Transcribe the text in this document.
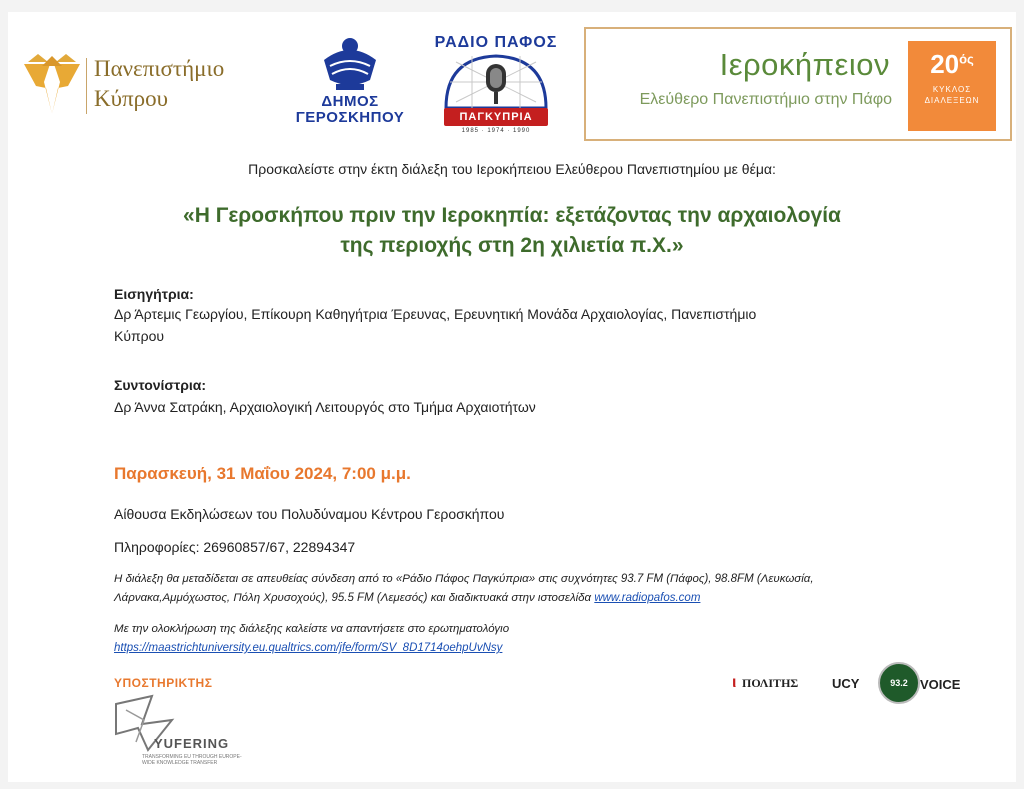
Πανεπιστήμιο
Κύπρου	ΔΗΜΟΣ
ΓΕΡΟΣΚΗΠΟΥ
ΡΑΔΙΟ ΠΑΦΟΣ
ΠΑΓΚΥΠΡΙΑ
1985 · 1974 · 1990
Ιεροκήπειον
Ελεύθερο Πανεπιστήμιο στην Πάφο
$20^{ό\varsigma}$
ΚΥΚΛΟΣ
ΔΙΑΛΕΞΕΩΝ
Προσκαλείστε στην έκτη διάλεξη του Ιεροκήπειου Ελεύθερου Πανεπιστημίου με θέμα:
«Η Γεροσκήπου πριν την Ιεροκηπία: εξετάζοντας την αρχαιολογία
της περιοχής στη 2η χιλιετία π.Χ.»
Εισηγήτρια:
Δρ Άρτεμις Γεωργίου, Επίκουρη Καθηγήτρια Έρευνας, Ερευνητική Μονάδα Αρχαιολογίας, Πανεπιστήμιο
Κύπρου
Συντονίστρια:
Δρ Άννα Σατράκη, Αρχαιολογική Λειτουργός στο Τμήμα Αρχαιοτήτων
Παρασκευή, 31 Μαΐου 2024, 7:00 μ.μ.
Αίθουσα Εκδηλώσεων του Πολυδύναμου Κέντρου Γεροσκήπου
Πληροφορίες: 26960857/67, 22894347
Η διάλεξη θα μεταδίδεται σε απευθείας σύνδεση από το «Ράδιο Πάφος Παγκύπρια» στις συχνότητες 93.7 FM (Πάφος), 98.8FM (Λευκωσία,
Λάρνακα,Αμμόχωστος, Πόλη Χρυσοχούς), 95.5 FM (Λεμεσός) και διαδικτυακά στην ιστοσελίδα www.radiopafos.com
Με την ολοκλήρωση της διάλεξης καλείστε να απαντήσετε στο ερωτηματολόγιο
https://maastrichtuniversity.eu.qualtrics.com/jfe/form/SV_8D1714oehpUvNsy
ΥΠΟΣΤΗΡΙΚΤΗΣ
YUFERING
TRANSFORMING EU THROUGH EUROPE-WIDE KNOWLEDGE TRANSFER
ι ΠΟΛΙΤΗΣ	UCY	93.2 VOICE
